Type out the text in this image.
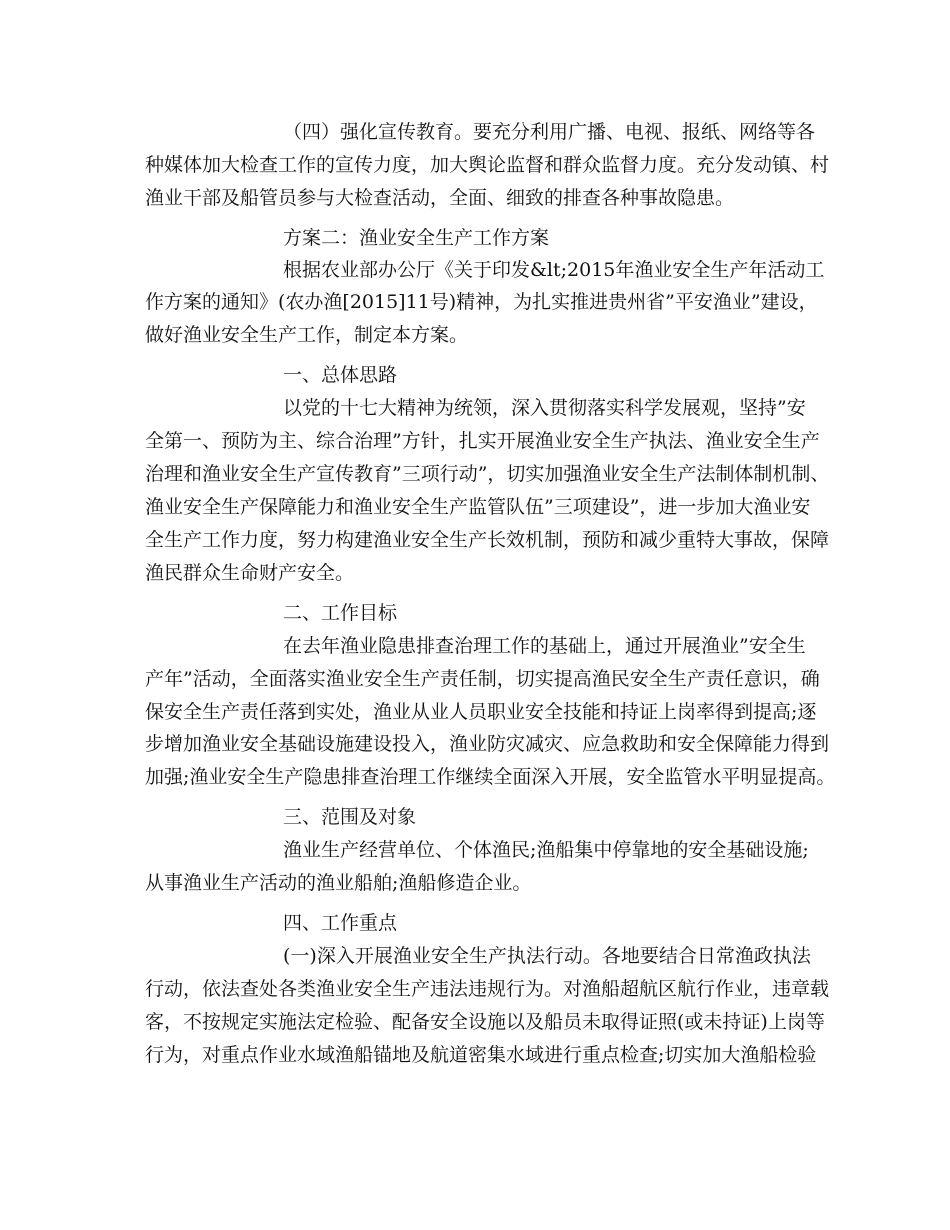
（四）强化宣传教育。要充分利用广播、电视、报纸、网络等各
种媒体加大检查工作的宣传力度，加大舆论监督和群众监督力度。充分发动镇、村
渔业干部及船管员参与大检查活动，全面、细致的排查各种事故隐患。
方案二：渔业安全生产工作方案
根据农业部办公厅《关于印发&lt;2015年渔业安全生产年活动工
作方案的通知》(农办渔[2015]11号)精神，为扎实推进贵州省”平安渔业”建设，
做好渔业安全生产工作，制定本方案。
一、总体思路
以党的十七大精神为统领，深入贯彻落实科学发展观，坚持”安
全第一、预防为主、综合治理”方针，扎实开展渔业安全生产执法、渔业安全生产
治理和渔业安全生产宣传教育”三项行动”，切实加强渔业安全生产法制体制机制、
渔业安全生产保障能力和渔业安全生产监管队伍”三项建设”，进一步加大渔业安
全生产工作力度，努力构建渔业安全生产长效机制，预防和减少重特大事故，保障
渔民群众生命财产安全。
二、工作目标
在去年渔业隐患排查治理工作的基础上，通过开展渔业”安全生
产年”活动，全面落实渔业安全生产责任制，切实提高渔民安全生产责任意识，确
保安全生产责任落到实处，渔业从业人员职业安全技能和持证上岗率得到提高;逐
步增加渔业安全基础设施建设投入，渔业防灾减灾、应急救助和安全保障能力得到
加强;渔业安全生产隐患排查治理工作继续全面深入开展，安全监管水平明显提高。
三、范围及对象
渔业生产经营单位、个体渔民;渔船集中停靠地的安全基础设施;
从事渔业生产活动的渔业船舶;渔船修造企业。
四、工作重点
(一)深入开展渔业安全生产执法行动。各地要结合日常渔政执法
行动，依法查处各类渔业安全生产违法违规行为。对渔船超航区航行作业，违章载
客，不按规定实施法定检验、配备安全设施以及船员未取得证照(或未持证)上岗等
行为，对重点作业水域渔船锚地及航道密集水域进行重点检查;切实加大渔船检验
